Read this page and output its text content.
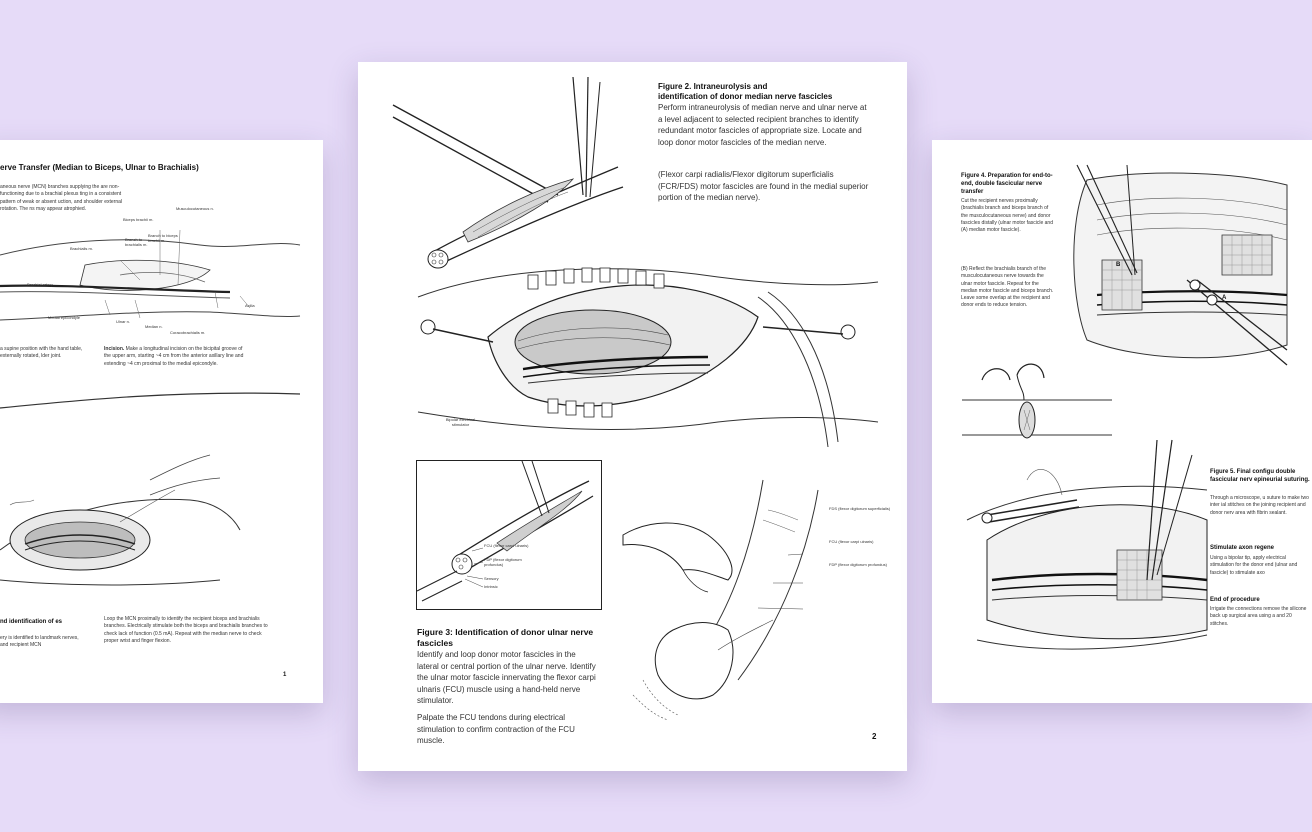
erve Transfer (Median to Biceps, Ulnar to Brachialis)
aneous nerve (MCN) branches supplying the are non-functioning due to a brachial plexus ting in a consistent pattern of weak or absent uction, and shoulder external rotation. The ns may appear atrophied.	Musculocutaneous n.
Biceps brachii m.
Branch to biceps brachii m.
Branch to brachialis m.
Brachialis m.
Brachial artery
Axilla
Medial epicondyle
Ulnar n.
Median n.
Coracobrachialis m.
a supine position with the hand table, externally rotated, lder joint.
Incision. Make a longitudinal incision on the bicipital groove of the upper arm, starting ~4 cm from the anterior axillary line and extending ~4 cm proximal to the medial epicondyle.
nd identification of es
ery is identified to landmark nerves, and recipient MCN
Loop the MCN proximally to identify the recipient biceps and brachialis branches. Electrically stimulate both the biceps and brachialis branches to check lack of function (0.5 mA). Repeat with the median nerve to check proper wrist and finger flexion.
1
Figure 2. Intraneurolysis and
identification of donor median nerve fascicles
Perform intraneurolysis of median nerve and ulnar nerve at a level adjacent to selected recipient branches to identify redundant motor fascicles of appropriate size. Locate and loop donor motor fascicles of the median nerve.
(Flexor carpi radialis/Flexor digitorum superficialis (FCR/FDS) motor fascicles are found in the medial superior portion of the median nerve).
Bipolar electrical stimulator
FCU (flexor carpi ulnaris)
FDP (flexor digitorum profundus)
Sensory
Intrinsic
FDS (flexor digitorum superficialis)
FCU (flexor carpi ulnaris)
FDP (flexor digitorum profundus)
Figure 3: Identification of donor ulnar nerve fascicles
Identify and loop donor motor fascicles in the lateral or central portion of the ulnar nerve. Identify the ulnar motor fascicle innervating the flexor carpi ulnaris (FCU) muscle using a hand-held nerve stimulator.
Palpate the FCU tendons during electrical stimulation to confirm contraction of the FCU muscle.	2
Figure 4. Preparation for end-to-end, double fascicular nerve transfer
Cut the recipient nerves proximally (brachialis branch and biceps branch of the musculocutaneous nerve) and donor fascicles distally (ulnar motor fascicle and (A) median motor fascicle).
(B) Reflect the brachialis branch of the musculocutaneous nerve towards the ulnar motor fascicle. Repeat for the median motor fascicle and biceps branch. Leave some overlap at the recipient and donor ends to reduce tension.
B
A
Figure 5. Final configu double fascicular nerv epineurial suturing.
Through a microscope, u suture to make two inter ial stitches on the joining recipient and donor nerv area with fibrin sealant.
Stimulate axon regene
Using a bipolar tip, apply electrical stimulation for the donor end (ulnar and fascicle) to stimulate axo
End of procedure
Irrigate the connections remove the silicone back up surgical area using a and 20 stitches.
